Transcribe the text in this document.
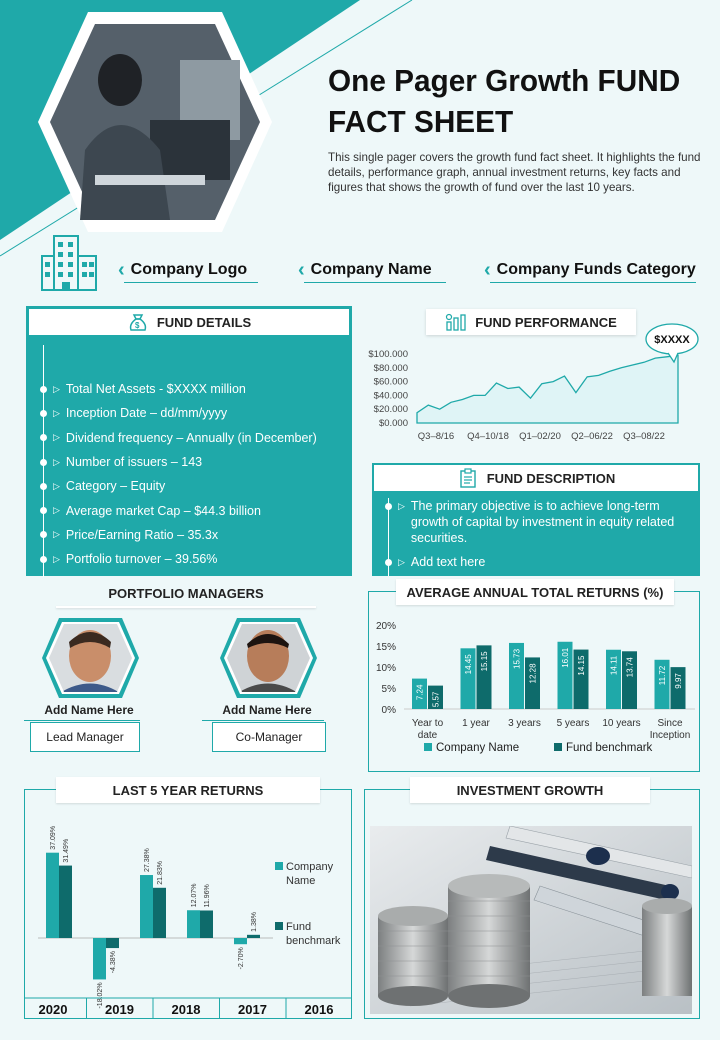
One Pager Growth FUND FACT SHEET
This single pager covers the growth fund fact sheet. It highlights the fund details, performance graph, annual investment returns, key facts and figures that shows the growth of fund over the last 10 years.
‹ Company Logo	‹ Company Name	‹ Company Funds Category
$ FUND DETAILS
▷ Total Net Assets - $XXXX million
▷ Inception Date – dd/mm/yyyy
▷ Dividend frequency – Annually (in December)
▷ Number of issuers – 143
▷ Category – Equity
▷ Average market Cap – $44.3 billion
▷ Price/Earning Ratio – 35.3x
▷ Portfolio turnover – 39.56%
FUND PERFORMANCE
$0.000
$20.000
$40.000
$60.000
$80.000
$100.000
Q3–8/16 Q4–10/18 Q1–02/20 Q2–06/22 Q3–08/22
$XXXX
FUND DESCRIPTION
▷ The primary objective is to achieve long-term growth of capital by investment in equity related securities.
▷ Add text here
PORTFOLIO MANAGERS
Add Name Here
Lead Manager
Add Name Here
Co-Manager
AVERAGE ANNUAL TOTAL RETURNS (%)
0%
5%
10%
15%
20%
7.24 5.57
Year to
date
14.45 15.15
1 year
15.73
12.28
3 years
16.01 14.15
5 years
14.11 13.74
10 years
11.72 9.97
Since
Inception
Company Name	Fund benchmark
LAST 5 YEAR RETURNS
37.09%
31.49%
-18.02%
-4.38%
27.38%
21.83%
12.07% 11.96%
-2.70%
1.38%
2020	2019	2018	2017	2016
Company
Name
Fund
benchmark
INVESTMENT GROWTH
